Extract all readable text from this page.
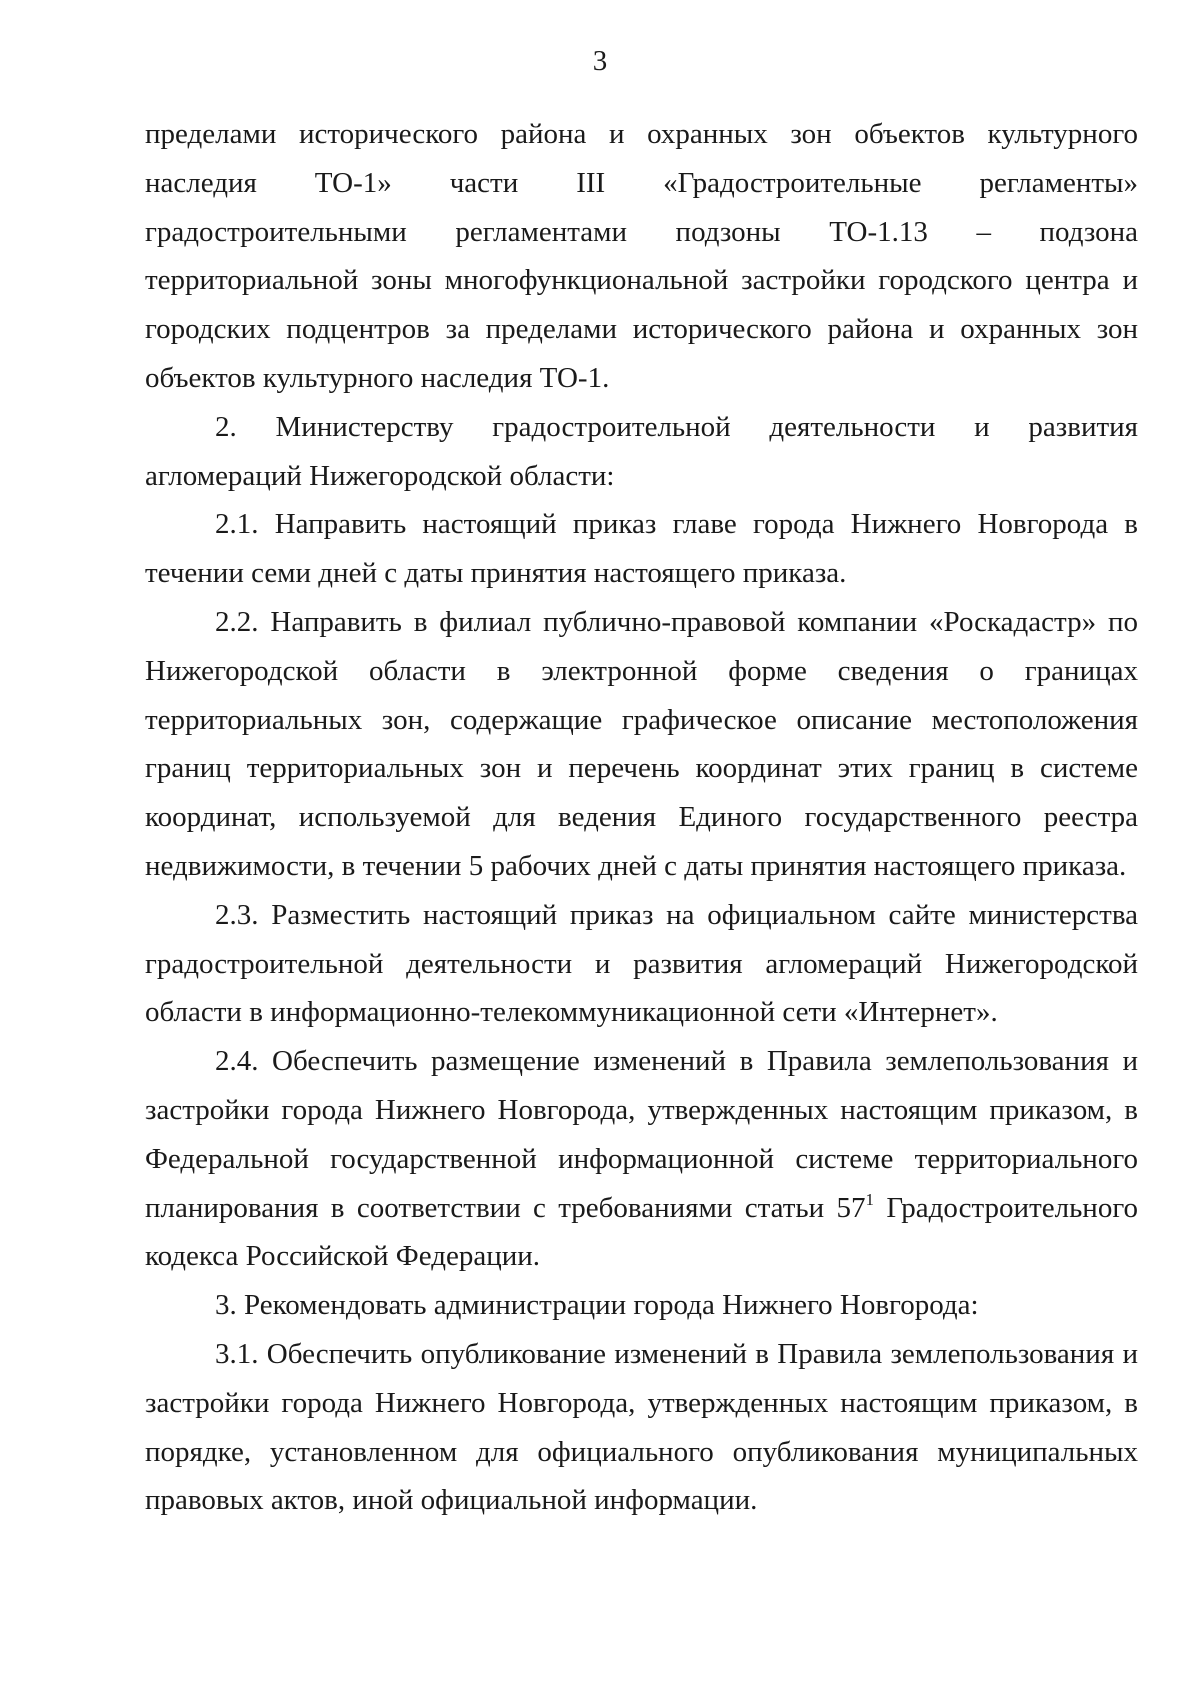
3

пределами исторического района и охранных зон объектов культурного наследия ТО-1» части III «Градостроительные регламенты» градостроительными регламентами подзоны ТО-1.13 – подзона территориальной зоны многофункциональной застройки городского центра и городских подцентров за пределами исторического района и охранных зон объектов культурного наследия ТО-1.

2. Министерству градостроительной деятельности и развития агломераций Нижегородской области:

2.1. Направить настоящий приказ главе города Нижнего Новгорода в течении семи дней с даты принятия настоящего приказа.

2.2. Направить в филиал публично-правовой компании «Роскадастр» по Нижегородской области в электронной форме сведения о границах территориальных зон, содержащие графическое описание местоположения границ территориальных зон и перечень координат этих границ в системе координат, используемой для ведения Единого государственного реестра недвижимости, в течении 5 рабочих дней с даты принятия настоящего приказа.

2.3. Разместить настоящий приказ на официальном сайте министерства градостроительной деятельности и развития агломераций Нижегородской области в информационно-телекоммуникационной сети «Интернет».

2.4. Обеспечить размещение изменений в Правила землепользования и застройки города Нижнего Новгорода, утвержденных настоящим приказом, в Федеральной государственной информационной системе территориального планирования в соответствии с требованиями статьи $57^1$ Градостроительного кодекса Российской Федерации.

3. Рекомендовать администрации города Нижнего Новгорода:

3.1. Обеспечить опубликование изменений в Правила землепользования и застройки города Нижнего Новгорода, утвержденных настоящим приказом, в порядке, установленном для официального опубликования муниципальных правовых актов, иной официальной информации.
